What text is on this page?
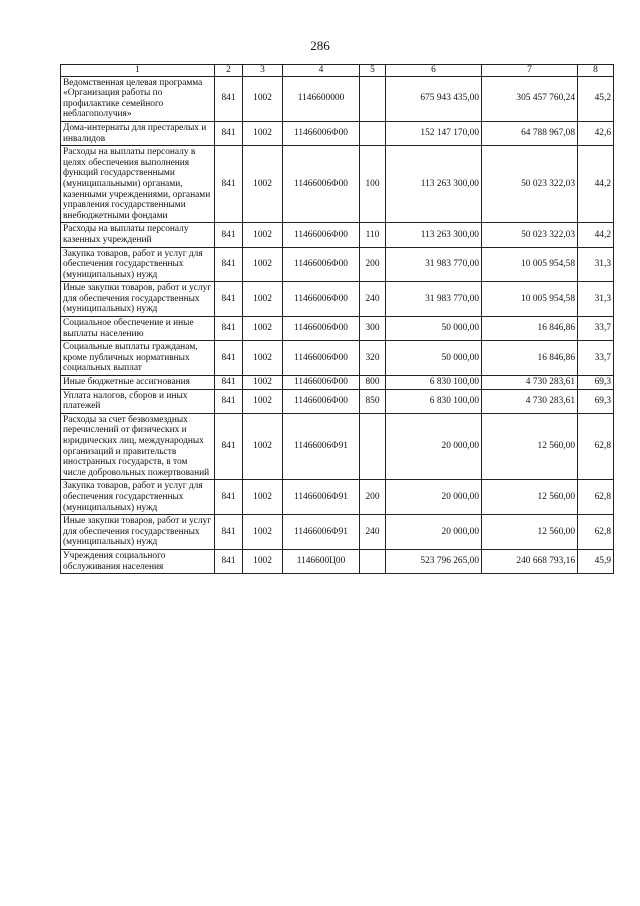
286
1	2	3	4	5	6	7	8
Ведомственная целевая программа «Организация работы по профилактике семейного неблагополучия»	841	1002	1146600000		675 943 435,00	305 457 760,24	45,2
Дома-интернаты для престарелых и инвалидов	841	1002	11466006Ф00		152 147 170,00	64 788 967,08	42,6
Расходы на выплаты персоналу в целях обеспечения выполнения функций государственными (муниципальными) органами, казенными учреждениями, органами управления государственными внебюджетными фондами	841	1002	11466006Ф00	100	113 263 300,00	50 023 322,03	44,2
Расходы на выплаты персоналу казенных учреждений	841	1002	11466006Ф00	110	113 263 300,00	50 023 322,03	44,2
Закупка товаров, работ и услуг для обеспечения государственных (муниципальных) нужд	841	1002	11466006Ф00	200	31 983 770,00	10 005 954,58	31,3
Иные закупки товаров, работ и услуг для обеспечения государственных (муниципальных) нужд	841	1002	11466006Ф00	240	31 983 770,00	10 005 954,58	31,3
Социальное обеспечение и иные выплаты населению	841	1002	11466006Ф00	300	50 000,00	16 846,86	33,7
Социальные выплаты гражданам, кроме публичных нормативных социальных выплат	841	1002	11466006Ф00	320	50 000,00	16 846,86	33,7
Иные бюджетные ассигнования	841	1002	11466006Ф00	800	6 830 100,00	4 730 283,61	69,3
Уплата налогов, сборов и иных платежей	841	1002	11466006Ф00	850	6 830 100,00	4 730 283,61	69,3
Расходы за счет безвозмездных перечислений от физических и юридических лиц, международных организаций и правительств иностранных государств, в том числе добровольных пожертвований	841	1002	11466006Ф91		20 000,00	12 560,00	62,8
Закупка товаров, работ и услуг для обеспечения государственных (муниципальных) нужд	841	1002	11466006Ф91	200	20 000,00	12 560,00	62,8
Иные закупки товаров, работ и услуг для обеспечения государственных (муниципальных) нужд	841	1002	11466006Ф91	240	20 000,00	12 560,00	62,8
Учреждения социального обслуживания населения	841	1002	1146600Ц00		523 796 265,00	240 668 793,16	45,9
